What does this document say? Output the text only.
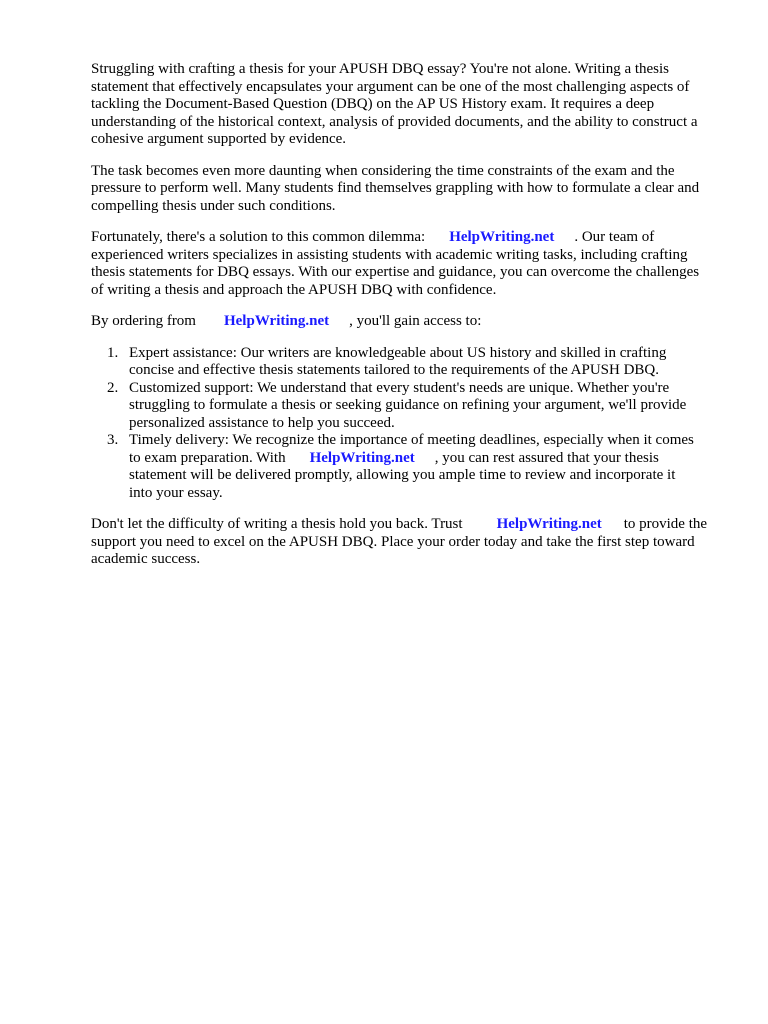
Struggling with crafting a thesis for your APUSH DBQ essay? You're not alone. Writing a thesis
statement that effectively encapsulates your argument can be one of the most challenging aspects of
tackling the Document-Based Question (DBQ) on the AP US History exam. It requires a deep
understanding of the historical context, analysis of provided documents, and the ability to construct a
cohesive argument supported by evidence.

The task becomes even more daunting when considering the time constraints of the exam and the
pressure to perform well. Many students find themselves grappling with how to formulate a clear and
compelling thesis under such conditions.

Fortunately, there's a solution to this common dilemma: HelpWriting.net . Our team of
experienced writers specializes in assisting students with academic writing tasks, including crafting
thesis statements for DBQ essays. With our expertise and guidance, you can overcome the challenges
of writing a thesis and approach the APUSH DBQ with confidence.

By ordering from HelpWriting.net , you'll gain access to:

1. Expert assistance: Our writers are knowledgeable about US history and skilled in crafting
concise and effective thesis statements tailored to the requirements of the APUSH DBQ.
2. Customized support: We understand that every student's needs are unique. Whether you're
struggling to formulate a thesis or seeking guidance on refining your argument, we'll provide
personalized assistance to help you succeed.
3. Timely delivery: We recognize the importance of meeting deadlines, especially when it comes
to exam preparation. With HelpWriting.net , you can rest assured that your thesis
statement will be delivered promptly, allowing you ample time to review and incorporate it
into your essay.

Don't let the difficulty of writing a thesis hold you back. Trust HelpWriting.net to provide the
support you need to excel on the APUSH DBQ. Place your order today and take the first step toward
academic success.
